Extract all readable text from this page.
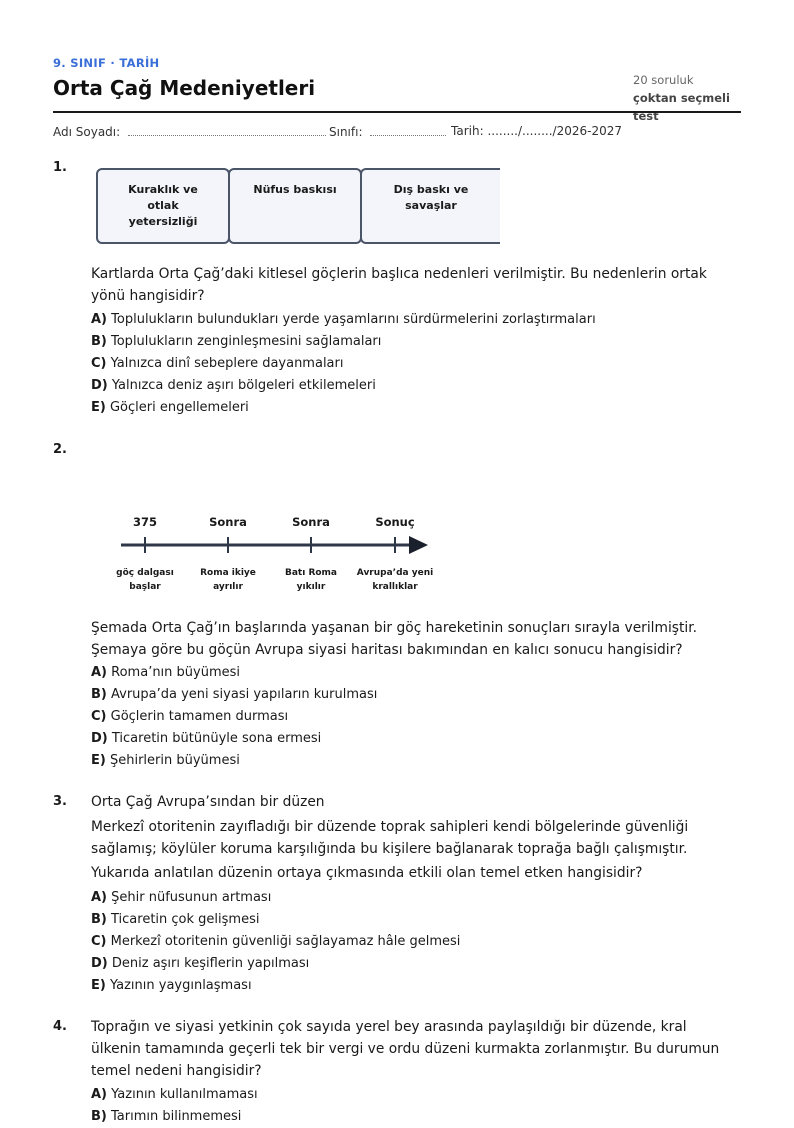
9. SINIF · TARİH
Orta Çağ Medeniyetleri	20 soruluk
çoktan seçmeli test
Adı Soyadı:	Sınıfı:	Tarih: ......../......../2026-2027
1.
Kuraklık ve otlak yetersizliği
Nüfus baskısı	Dış baskı ve savaşlar
Kartlarda Orta Çağ’daki kitlesel göçlerin başlıca nedenleri verilmiştir. Bu nedenlerin ortak yönü hangisidir?
A) Toplulukların bulundukları yerde yaşamlarını sürdürmelerini zorlaştırmaları
B) Toplulukların zenginleşmesini sağlamaları
C) Yalnızca dinî sebeplere dayanmaları
D) Yalnızca deniz aşırı bölgeleri etkilemeleri
E) Göçleri engellemeleri
2.
375	Sonra	Sonra	Sonuç
göç dalgası
başlar
Roma ikiye
ayrılır
Batı Roma
yıkılır
Avrupa’da yeni
krallıklar
Şemada Orta Çağ’ın başlarında yaşanan bir göç hareketinin sonuçları sırayla verilmiştir. Şemaya göre bu göçün Avrupa siyasi haritası bakımından en kalıcı sonucu hangisidir?
A) Roma’nın büyümesi
B) Avrupa’da yeni siyasi yapıların kurulması
C) Göçlerin tamamen durması
D) Ticaretin bütünüyle sona ermesi
E) Şehirlerin büyümesi
3. Orta Çağ Avrupa’sından bir düzen
Merkezî otoritenin zayıfladığı bir düzende toprak sahipleri kendi bölgelerinde güvenliği sağlamış; köylüler koruma karşılığında bu kişilere bağlanarak toprağa bağlı çalışmıştır.
Yukarıda anlatılan düzenin ortaya çıkmasında etkili olan temel etken hangisidir?
A) Şehir nüfusunun artması
B) Ticaretin çok gelişmesi
C) Merkezî otoritenin güvenliği sağlayamaz hâle gelmesi
D) Deniz aşırı keşiflerin yapılması
E) Yazının yaygınlaşması
4. Toprağın ve siyasi yetkinin çok sayıda yerel bey arasında paylaşıldığı bir düzende, kral ülkenin tamamında geçerli tek bir vergi ve ordu düzeni kurmakta zorlanmıştır. Bu durumun temel nedeni hangisidir?
A) Yazının kullanılmaması
B) Tarımın bilinmemesi
